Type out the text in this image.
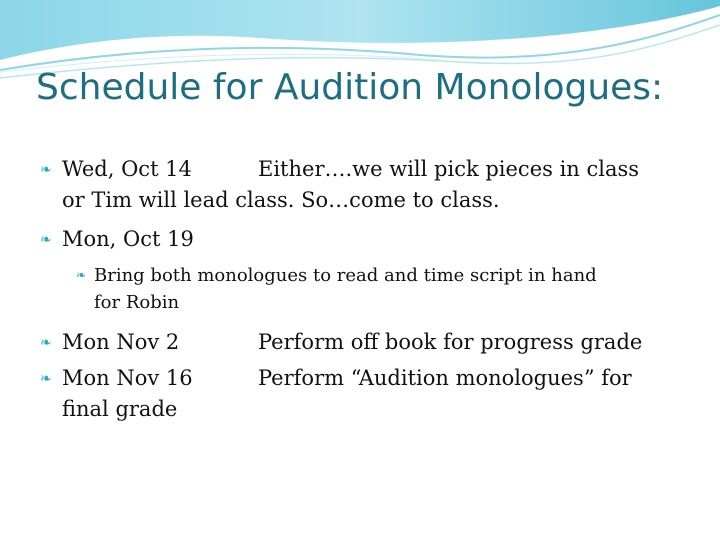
Schedule for Audition Monologues:
❧ Wed, Oct 14	Either….we will pick pieces in class
or Tim will lead class. So…come to class.
❧ Mon, Oct 19
❧ Bring both monologues to read and time script in hand
for Robin
❧ Mon Nov 2	Perform off book for progress grade
❧ Mon Nov 16	Perform “Audition monologues” for
final grade
